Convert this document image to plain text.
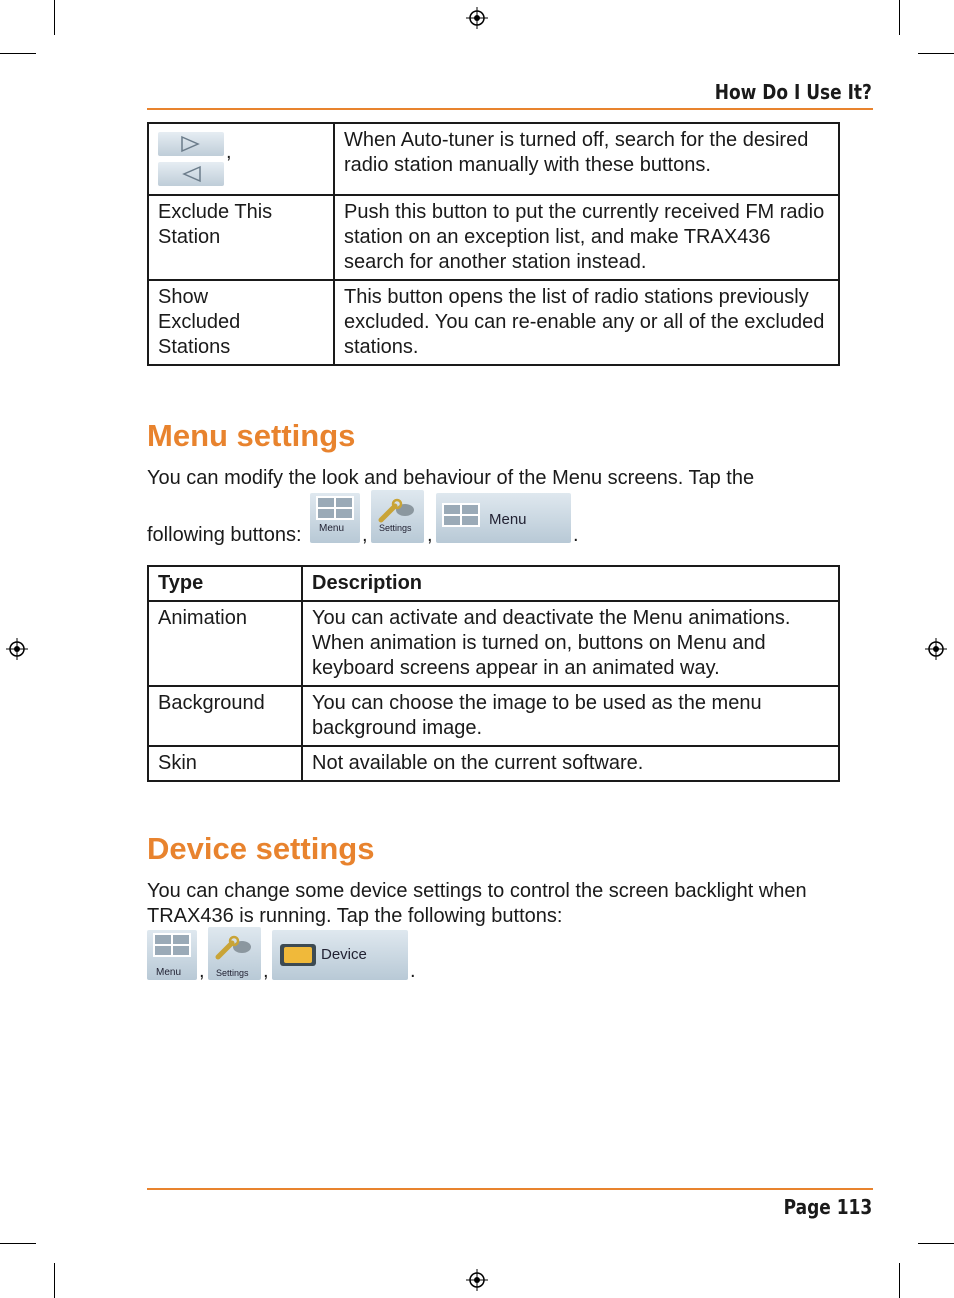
How Do I Use It?
,	When Auto-tuner is turned off, search for the desired radio station manually with these buttons.
Exclude This Station	Push this button to put the currently received FM radio station on an exception list, and make TRAX436 search for another station instead.
Show Excluded Stations	This button opens the list of radio stations previously excluded. You can re-enable any or all of the excluded stations.
Menu settings
You can modify the look and behaviour of the Menu screens. Tap the
following buttons: Menu , Settings ,
Menu
.
Type	Description
Animation	You can activate and deactivate the Menu animations. When animation is turned on, buttons on Menu and keyboard screens appear in an animated way.
Background	You can choose the image to be used as the menu background image.
Skin	Not available on the current software.
Device settings
You can change some device settings to control the screen backlight when TRAX436 is running. Tap the following buttons:
Menu , Settings ,
Device
.
Page 113
